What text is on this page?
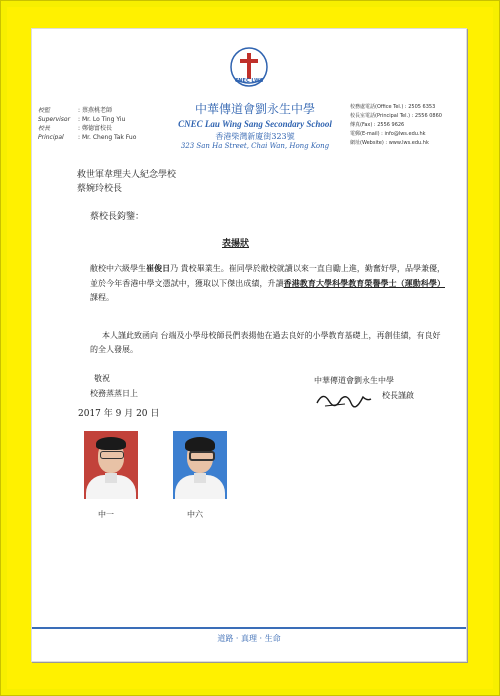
校監	: 蔡燕桃老師
Supervisor : Mr. Lo Ting Yiu
校長	: 鄭德富校長
Principal : Mr. Cheng Tak Fuo
CNEC LWS
中華傳道會劉永生中學
CNEC Lau Wing Sang Secondary School
香港柴灣新廈街323號
323 San Ha Street, Chai Wan, Hong Kong
校務處電話(Office Tel.) : 2505 6353
校長室電話(Principal Tel.) : 2556 0860
傳真(Fax) : 2556 9626
電郵(E-mail) : info@lws.edu.hk
網址(Website) : www.lws.edu.hk
救世軍韋理夫人紀念學校
蔡婉玲校長
蔡校長鈞鑒：
表揚狀
敝校中六級學生崔俊日乃 貴校畢業生。崔同學於敝校就讀以來一直自勵上進，勤奮好學，品學兼優，並於今年香港中學文憑試中，獲取以下傑出成績，升讀香港教育大學科學教育榮譽學士（運動科學）課程。
本人謹此致函向 台端及小學母校師長們表揚他在過去良好的小學教育基礎上，再創佳績，有良好的全人發展。
敬祝
校務蒸蒸日上
中華傳道會劉永生中學
校長謹啟
2017 年 9 月 20 日
中一	中六
道路 · 真理 · 生命
